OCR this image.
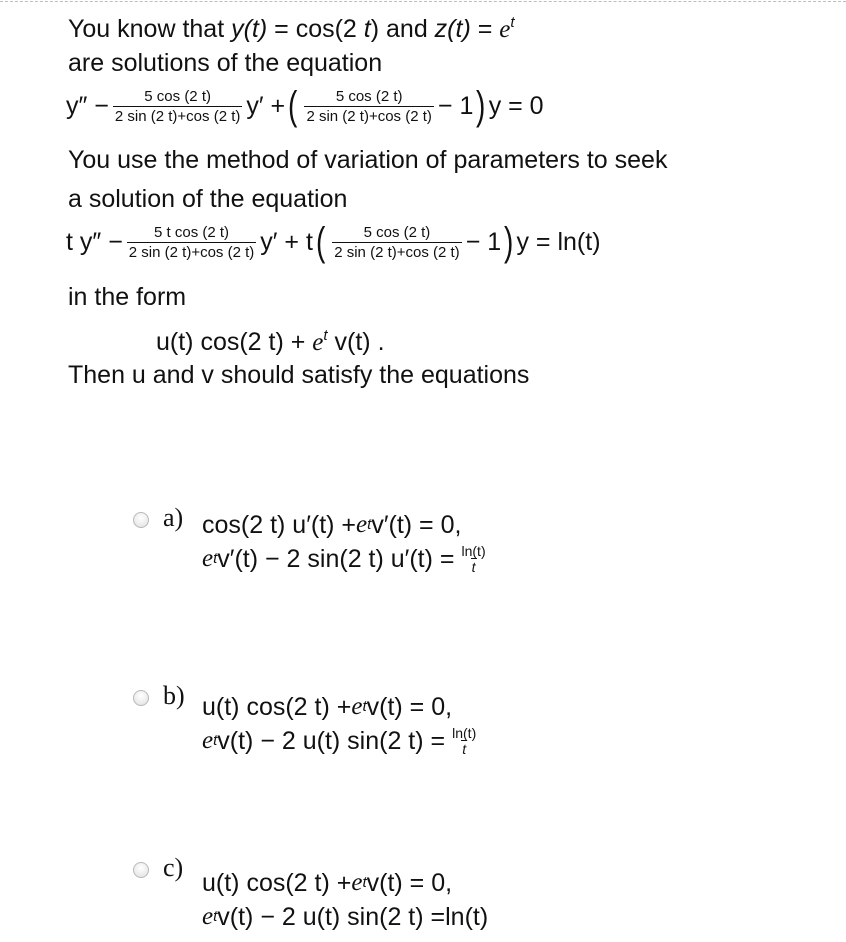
You know that y(t) = cos(2 t) and $z(t) = e^t$
are solutions of the equation
$y'' - \frac{5 \cos (2 t)}{2 \sin (2 t)+\cos (2 t)} y'$ + ( $\frac{5 \cos (2 t)}{2 \sin (2 t)+\cos (2 t)} - 1$ ) y = 0
You use the method of variation of parameters to seek
a solution of the equation
t $y'' - \frac{\text{5 t cos (2 t)}}{2 \sin (2 t)+\cos (2 t)} y' + t$ ( $\frac{5 \cos (2 t)}{2 \sin (2 t)+\cos (2 t)} - 1$ ) y = ln(t)
in the form
u(t) cos(2 $t) + e^t$ v(t) .
Then u and v should satisfy the equations
a) cos(2 t) u′(t) + e t v′(t) = 0,
e t v′(t) − 2 sin(2 t) $u'(t) = \frac{\ln(t)}{t}$
b) u(t) cos(2 t) + e t v(t) = 0,
e t v(t) − 2 u(t) sin(2 $t) = \frac{\ln(t)}{t}$
c)
u(t) cos(2 t) + e t v(t) = 0,
e t v(t) − 2 u(t) sin(2 t) = ln(t)
